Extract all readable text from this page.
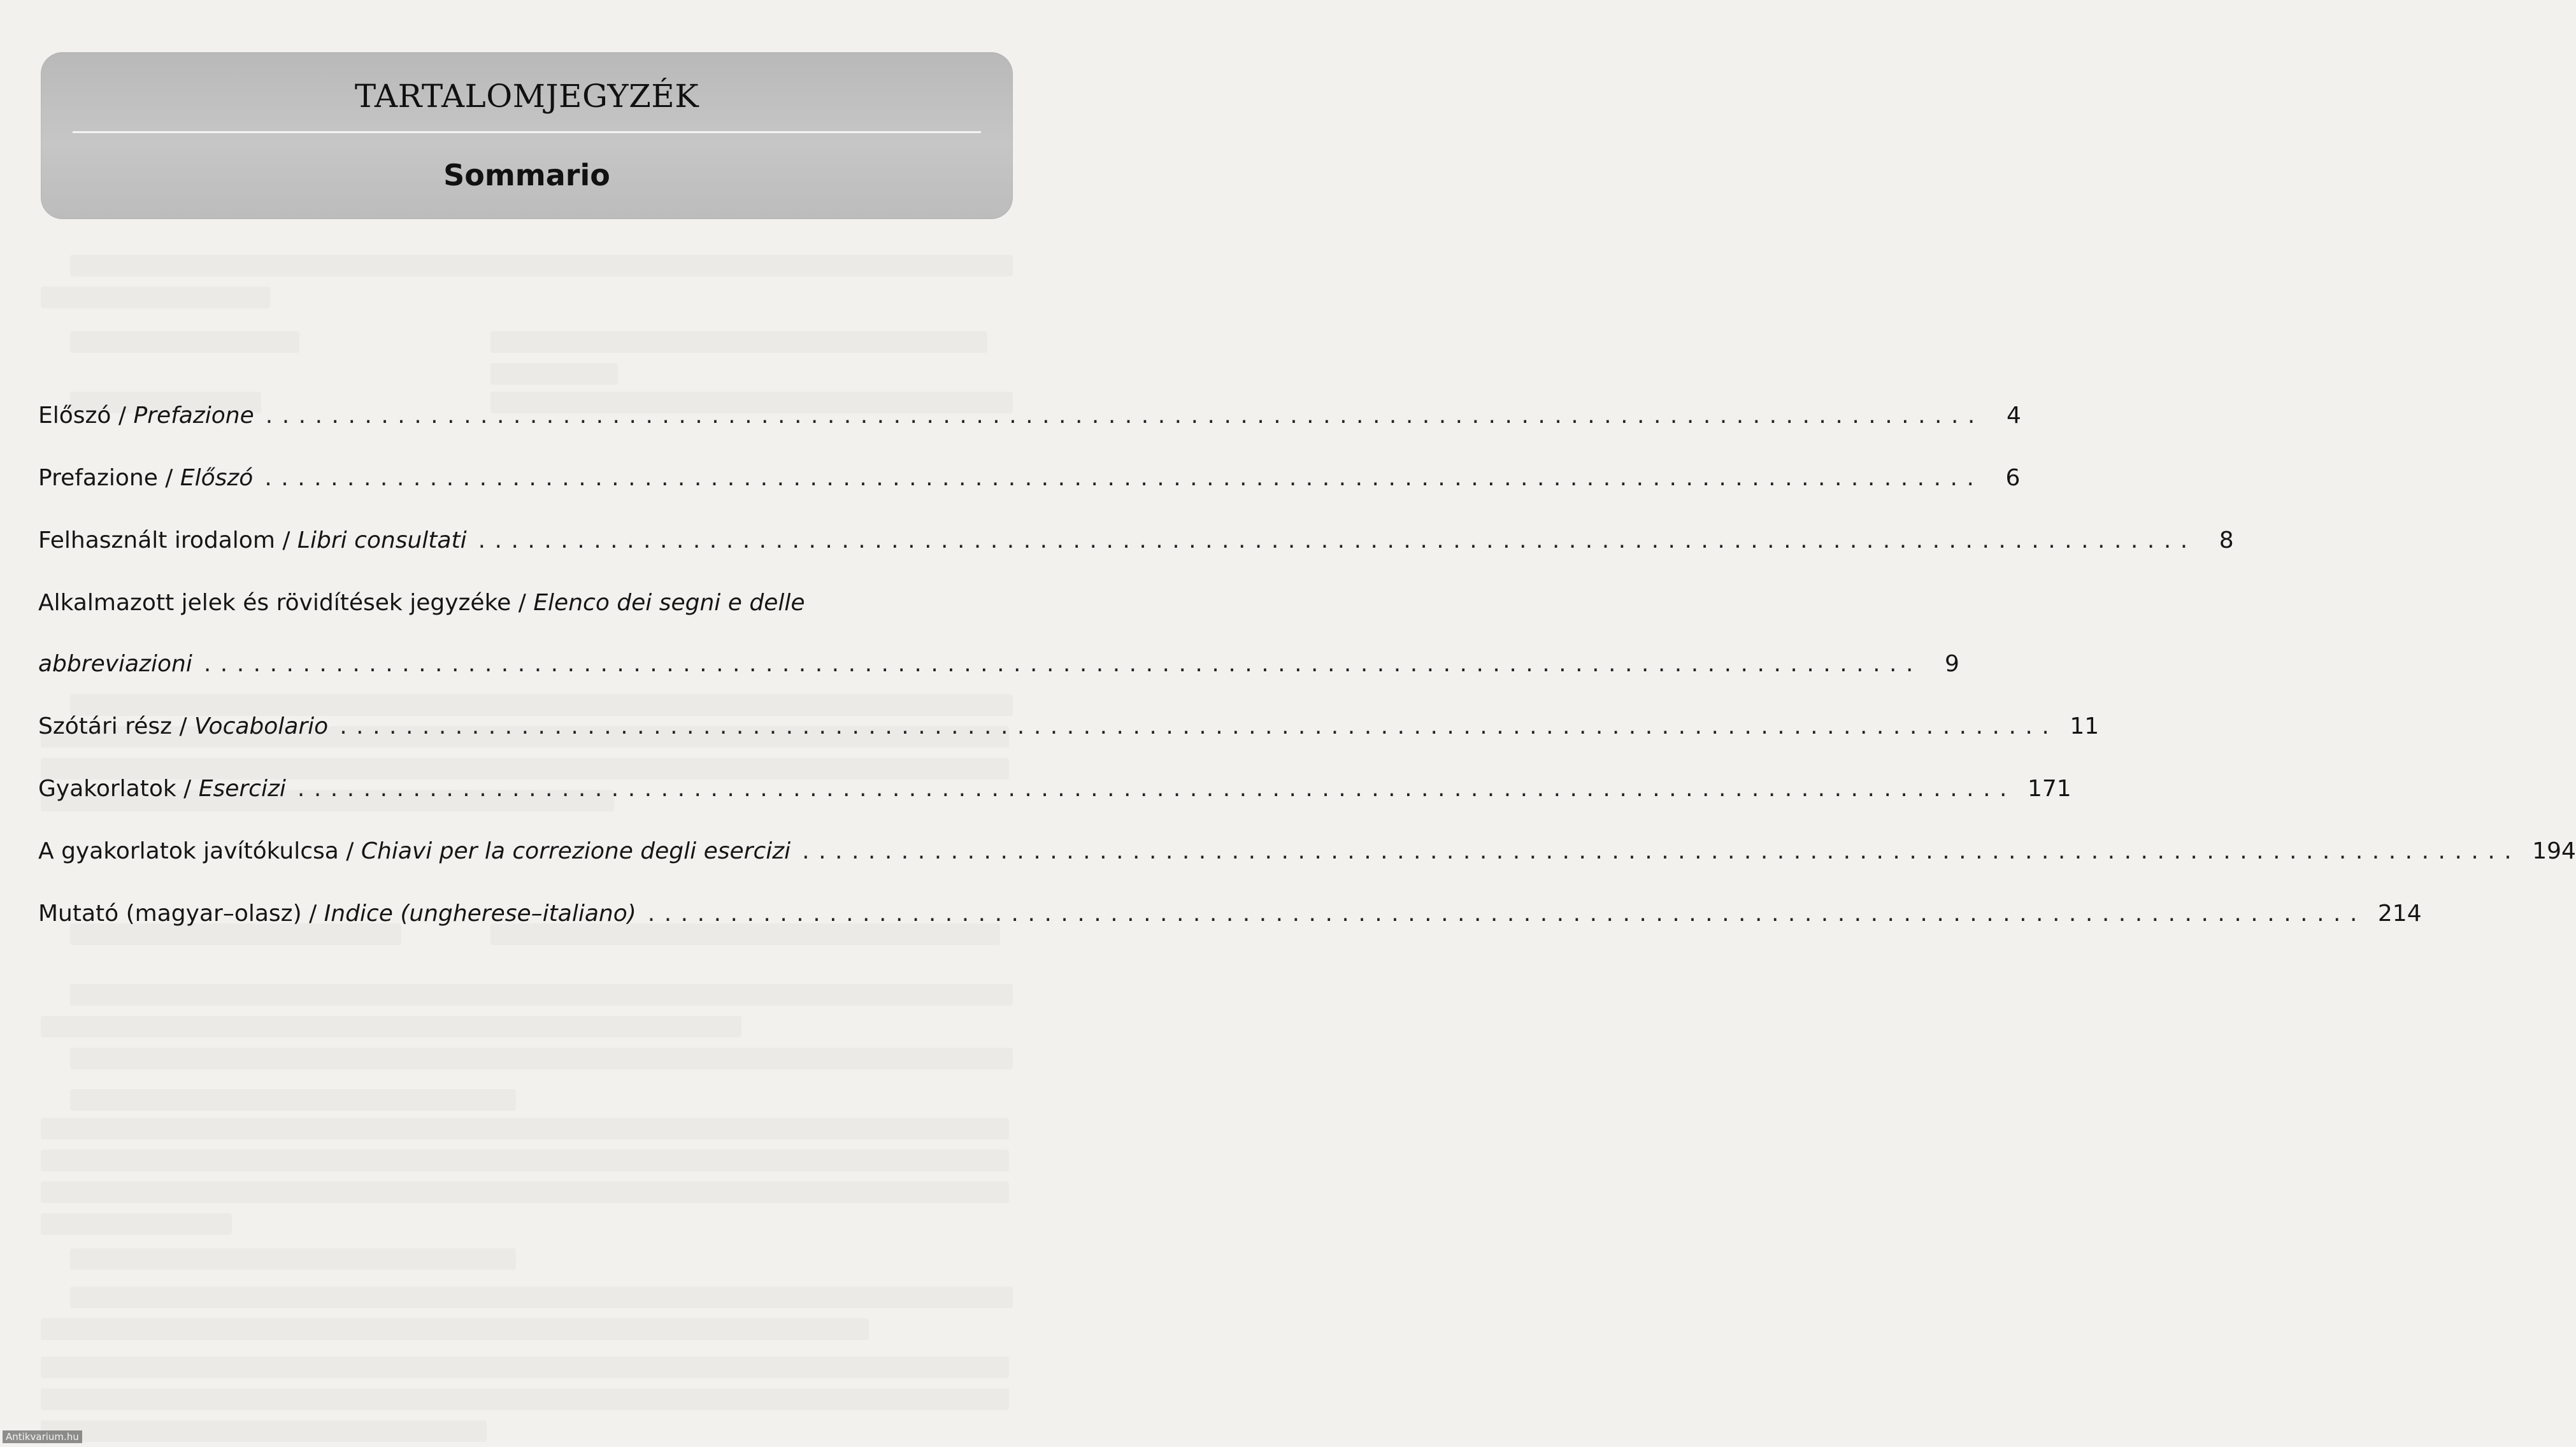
TARTALOMJEGYZÉK
Sommario
Előszó / Prefazione ........................................................................................................ 4
Prefazione / Előszó ........................................................................................................ 6
Felhasznált irodalom / Libri consultati ........................................................................................................ 8
Alkalmazott jelek és rövidítések jegyzéke / Elenco dei segni e delle
abbreviazioni ........................................................................................................ 9
Szótári rész / Vocabolario ........................................................................................................ 11
Gyakorlatok / Esercizi ........................................................................................................ 171
A gyakorlatok javítókulcsa / Chiavi per la correzione degli esercizi ........................................................................................................ 194
Mutató (magyar–olasz) / Indice (ungherese–italiano) ........................................................................................................ 214
Antikvarium.hu
